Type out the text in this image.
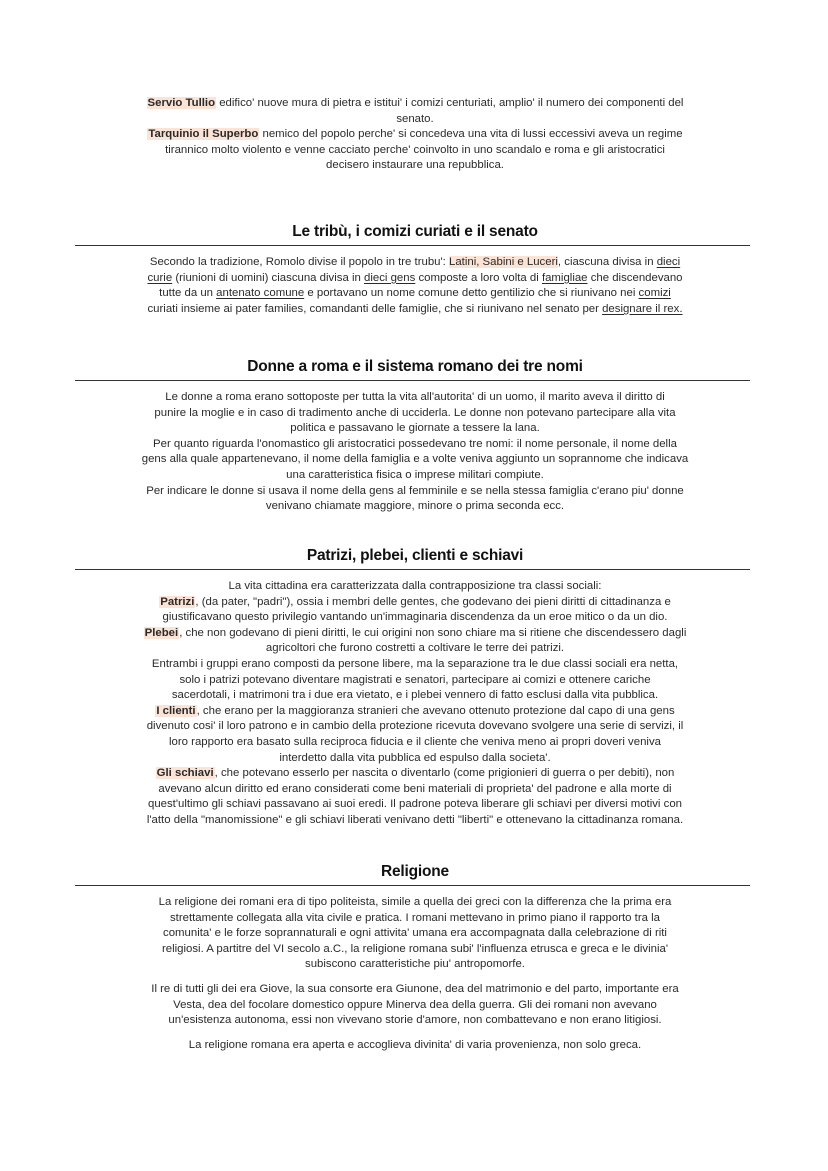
Servio Tullio edifico' nuove mura di pietra e istitui' i comizi centuriati, amplio' il numero dei componenti del
senato.
Tarquinio il Superbo nemico del popolo perche' si concedeva una vita di lussi eccessivi aveva un regime
tirannico molto violento e venne cacciato perche' coinvolto in uno scandalo e roma e gli aristocratici
decisero instaurare una repubblica.
Le tribù, i comizi curiati e il senato
Secondo la tradizione, Romolo divise il popolo in tre trubu': Latini, Sabini e Luceri, ciascuna divisa in dieci
curie (riunioni di uomini) ciascuna divisa in dieci gens composte a loro volta di famigliae che discendevano
tutte da un antenato comune e portavano un nome comune detto gentilizio che si riunivano nei comizi
curiati insieme ai pater families, comandanti delle famiglie, che si riunivano nel senato per designare il rex.
Donne a roma e il sistema romano dei tre nomi
Le donne a roma erano sottoposte per tutta la vita all'autorita' di un uomo, il marito aveva il diritto di
punire la moglie e in caso di tradimento anche di ucciderla. Le donne non potevano partecipare alla vita
politica e passavano le giornate a tessere la lana.
Per quanto riguarda l'onomastico gli aristocratici possedevano tre nomi: il nome personale, il nome della
gens alla quale appartenevano, il nome della famiglia e a volte veniva aggiunto un soprannome che indicava
una caratteristica fisica o imprese militari compiute.
Per indicare le donne si usava il nome della gens al femminile e se nella stessa famiglia c'erano piu' donne
venivano chiamate maggiore, minore o prima seconda ecc.
Patrizi, plebei, clienti e schiavi
La vita cittadina era caratterizzata dalla contrapposizione tra classi sociali:
Patrizi, (da pater, "padri"), ossia i membri delle gentes, che godevano dei pieni diritti di cittadinanza e
giustificavano questo privilegio vantando un'immaginaria discendenza da un eroe mitico o da un dio.
Plebei, che non godevano di pieni diritti, le cui origini non sono chiare ma si ritiene che discendessero dagli
agricoltori che furono costretti a coltivare le terre dei patrizi.
Entrambi i gruppi erano composti da persone libere, ma la separazione tra le due classi sociali era netta,
solo i patrizi potevano diventare magistrati e senatori, partecipare ai comizi e ottenere cariche
sacerdotali, i matrimoni tra i due era vietato, e i plebei vennero di fatto esclusi dalla vita pubblica.
I clienti, che erano per la maggioranza stranieri che avevano ottenuto protezione dal capo di una gens
divenuto cosi' il loro patrono e in cambio della protezione ricevuta dovevano svolgere una serie di servizi, il
loro rapporto era basato sulla reciproca fiducia e il cliente che veniva meno ai propri doveri veniva
interdetto dalla vita pubblica ed espulso dalla societa'.
Gli schiavi, che potevano esserlo per nascita o diventarlo (come prigionieri di guerra o per debiti), non
avevano alcun diritto ed erano considerati come beni materiali di proprieta' del padrone e alla morte di
quest'ultimo gli schiavi passavano ai suoi eredi. Il padrone poteva liberare gli schiavi per diversi motivi con
l'atto della "manomissione" e gli schiavi liberati venivano detti "liberti" e ottenevano la cittadinanza romana.
Religione
La religione dei romani era di tipo politeista, simile a quella dei greci con la differenza che la prima era
strettamente collegata alla vita civile e pratica. I romani mettevano in primo piano il rapporto tra la
comunita' e le forze soprannaturali e ogni attivita' umana era accompagnata dalla celebrazione di riti
religiosi. A partitre del VI secolo a.C., la religione romana subi' l'influenza etrusca e greca e le divinia'
subiscono caratteristiche piu' antropomorfe.
Il re di tutti gli dei era Giove, la sua consorte era Giunone, dea del matrimonio e del parto, importante era
Vesta, dea del focolare domestico oppure Minerva dea della guerra. Gli dei romani non avevano
un'esistenza autonoma, essi non vivevano storie d'amore, non combattevano e non erano litigiosi.
La religione romana era aperta e accoglieva divinita' di varia provenienza, non solo greca.
